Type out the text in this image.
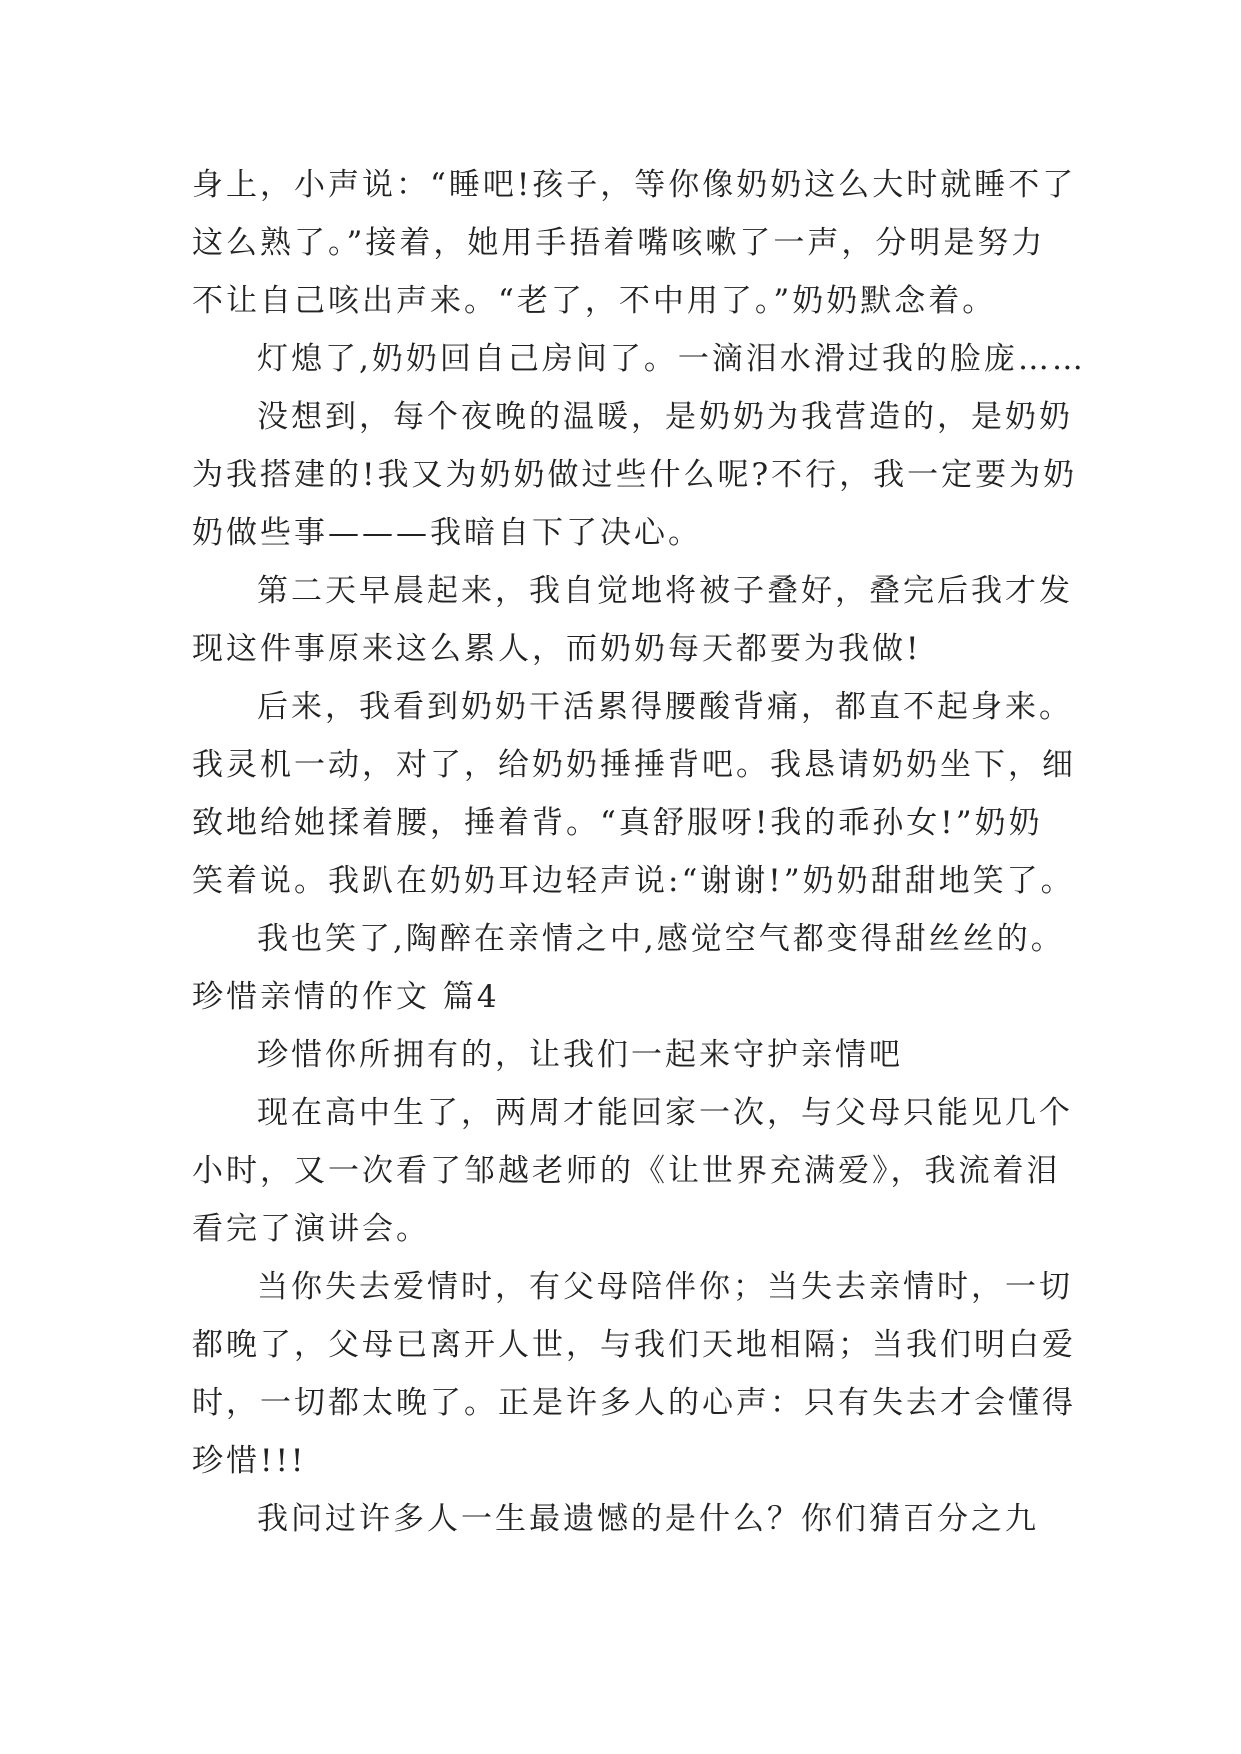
身上，小声说：“睡吧!孩子，等你像奶奶这么大时就睡不了
这么熟了。”接着，她用手捂着嘴咳嗽了一声，分明是努力
不让自己咳出声来。“老了，不中用了。”奶奶默念着。
灯熄了,奶奶回自己房间了。一滴泪水滑过我的脸庞……
没想到，每个夜晚的温暖，是奶奶为我营造的，是奶奶
为我搭建的!我又为奶奶做过些什么呢?不行，我一定要为奶
奶做些事———我暗自下了决心。
第二天早晨起来，我自觉地将被子叠好，叠完后我才发
现这件事原来这么累人，而奶奶每天都要为我做!
后来，我看到奶奶干活累得腰酸背痛，都直不起身来。
我灵机一动，对了，给奶奶捶捶背吧。我恳请奶奶坐下，细
致地给她揉着腰，捶着背。“真舒服呀!我的乖孙女!”奶奶
笑着说。我趴在奶奶耳边轻声说:“谢谢!”奶奶甜甜地笑了。
我也笑了,陶醉在亲情之中,感觉空气都变得甜丝丝的。
珍惜亲情的作文 篇4
珍惜你所拥有的，让我们一起来守护亲情吧
现在高中生了，两周才能回家一次，与父母只能见几个
小时，又一次看了邹越老师的《让世界充满爱》，我流着泪
看完了演讲会。
当你失去爱情时，有父母陪伴你；当失去亲情时，一切
都晚了，父母已离开人世，与我们天地相隔；当我们明白爱
时，一切都太晚了。正是许多人的心声：只有失去才会懂得
珍惜!!!
我问过许多人一生最遗憾的是什么？你们猜百分之九
